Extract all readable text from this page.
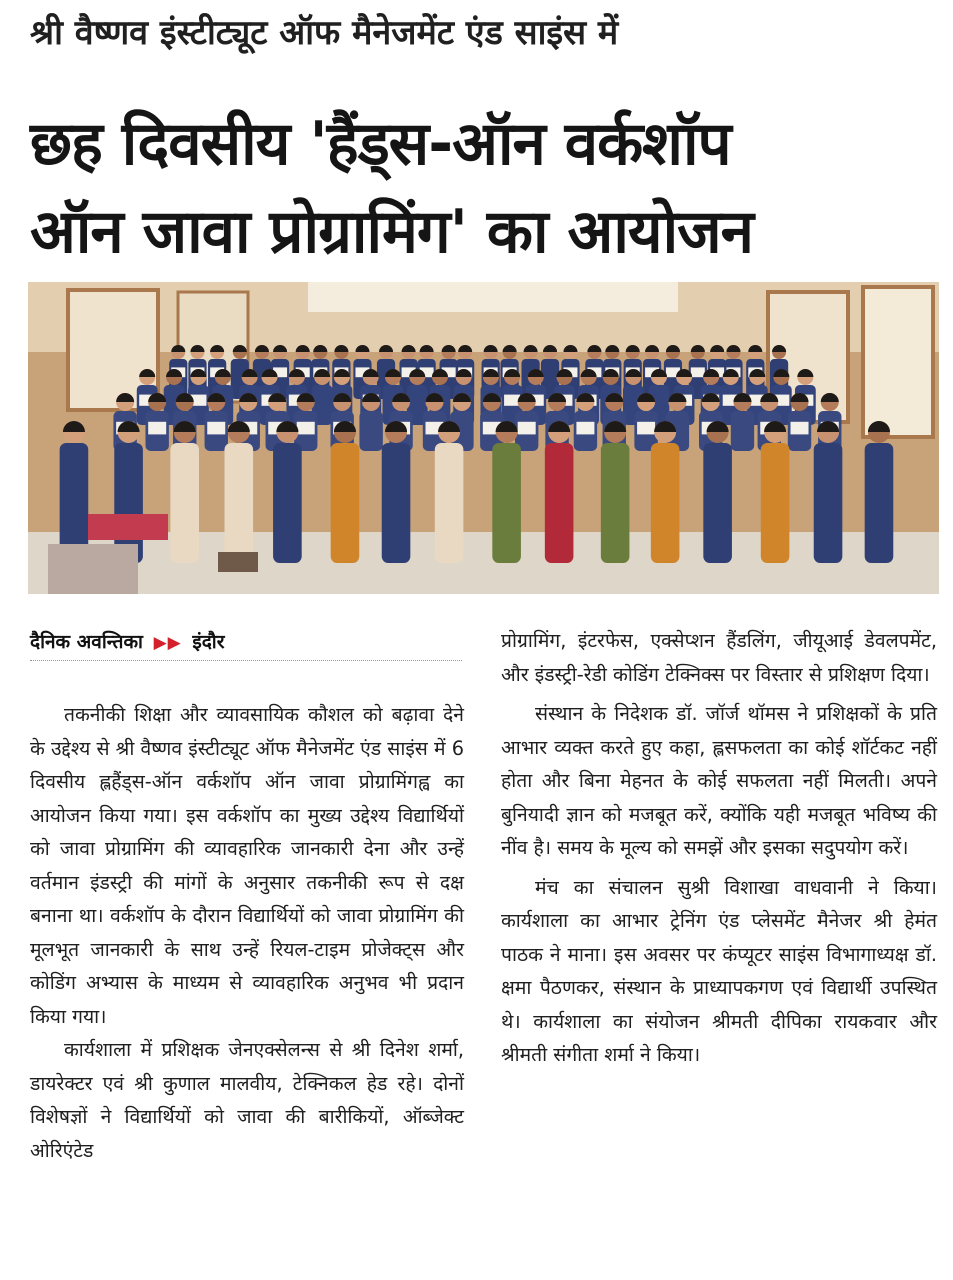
श्री वैष्णव इंस्टीट्यूट ऑफ मैनेजमेंट एंड साइंस में
छह दिवसीय 'हैंड्स-ऑन वर्कशॉप
ऑन जावा प्रोग्रामिंग' का आयोजन
दैनिक अवन्तिका ▶▶ इंदौर

तकनीकी शिक्षा और व्यावसायिक कौशल को बढ़ावा देने के उद्देश्य से श्री वैष्णव इंस्टीट्यूट ऑफ मैनेजमेंट एंड साइंस में 6 दिवसीय ह्लहैंड्स-ऑन वर्कशॉप ऑन जावा प्रोग्रामिंगह्व का आयोजन किया गया। इस वर्कशॉप का मुख्य उद्देश्य विद्यार्थियों को जावा प्रोग्रामिंग की व्यावहारिक जानकारी देना और उन्हें वर्तमान इंडस्ट्री की मांगों के अनुसार तकनीकी रूप से दक्ष बनाना था। वर्कशॉप के दौरान विद्यार्थियों को जावा प्रोग्रामिंग की मूलभूत जानकारी के साथ उन्हें रियल-टाइम प्रोजेक्ट्स और कोडिंग अभ्यास के माध्यम से व्यावहारिक अनुभव भी प्रदान किया गया।

कार्यशाला में प्रशिक्षक जेनएक्सेलन्स से श्री दिनेश शर्मा, डायरेक्टर एवं श्री कुणाल मालवीय, टेक्निकल हेड रहे। दोनों विशेषज्ञों ने विद्यार्थियों को जावा की बारीकियों, ऑब्जेक्ट ओरिएंटेड

प्रोग्रामिंग, इंटरफेस, एक्सेप्शन हैंडलिंग, जीयूआई डेवलपमेंट, और इंडस्ट्री-रेडी कोडिंग टेक्निक्स पर विस्तार से प्रशिक्षण दिया।

संस्थान के निदेशक डॉ. जॉर्ज थॉमस ने प्रशिक्षकों के प्रति आभार व्यक्त करते हुए कहा, ह्लसफलता का कोई शॉर्टकट नहीं होता और बिना मेहनत के कोई सफलता नहीं मिलती। अपने बुनियादी ज्ञान को मजबूत करें, क्योंकि यही मजबूत भविष्य की नींव है। समय के मूल्य को समझें और इसका सदुपयोग करें।

मंच का संचालन सुश्री विशाखा वाधवानी ने किया। कार्यशाला का आभार ट्रेनिंग एंड प्लेसमेंट मैनेजर श्री हेमंत पाठक ने माना। इस अवसर पर कंप्यूटर साइंस विभागाध्यक्ष डॉ. क्षमा पैठणकर, संस्थान के प्राध्यापकगण एवं विद्यार्थी उपस्थित थे। कार्यशाला का संयोजन श्रीमती दीपिका रायकवार और श्रीमती संगीता शर्मा ने किया।
